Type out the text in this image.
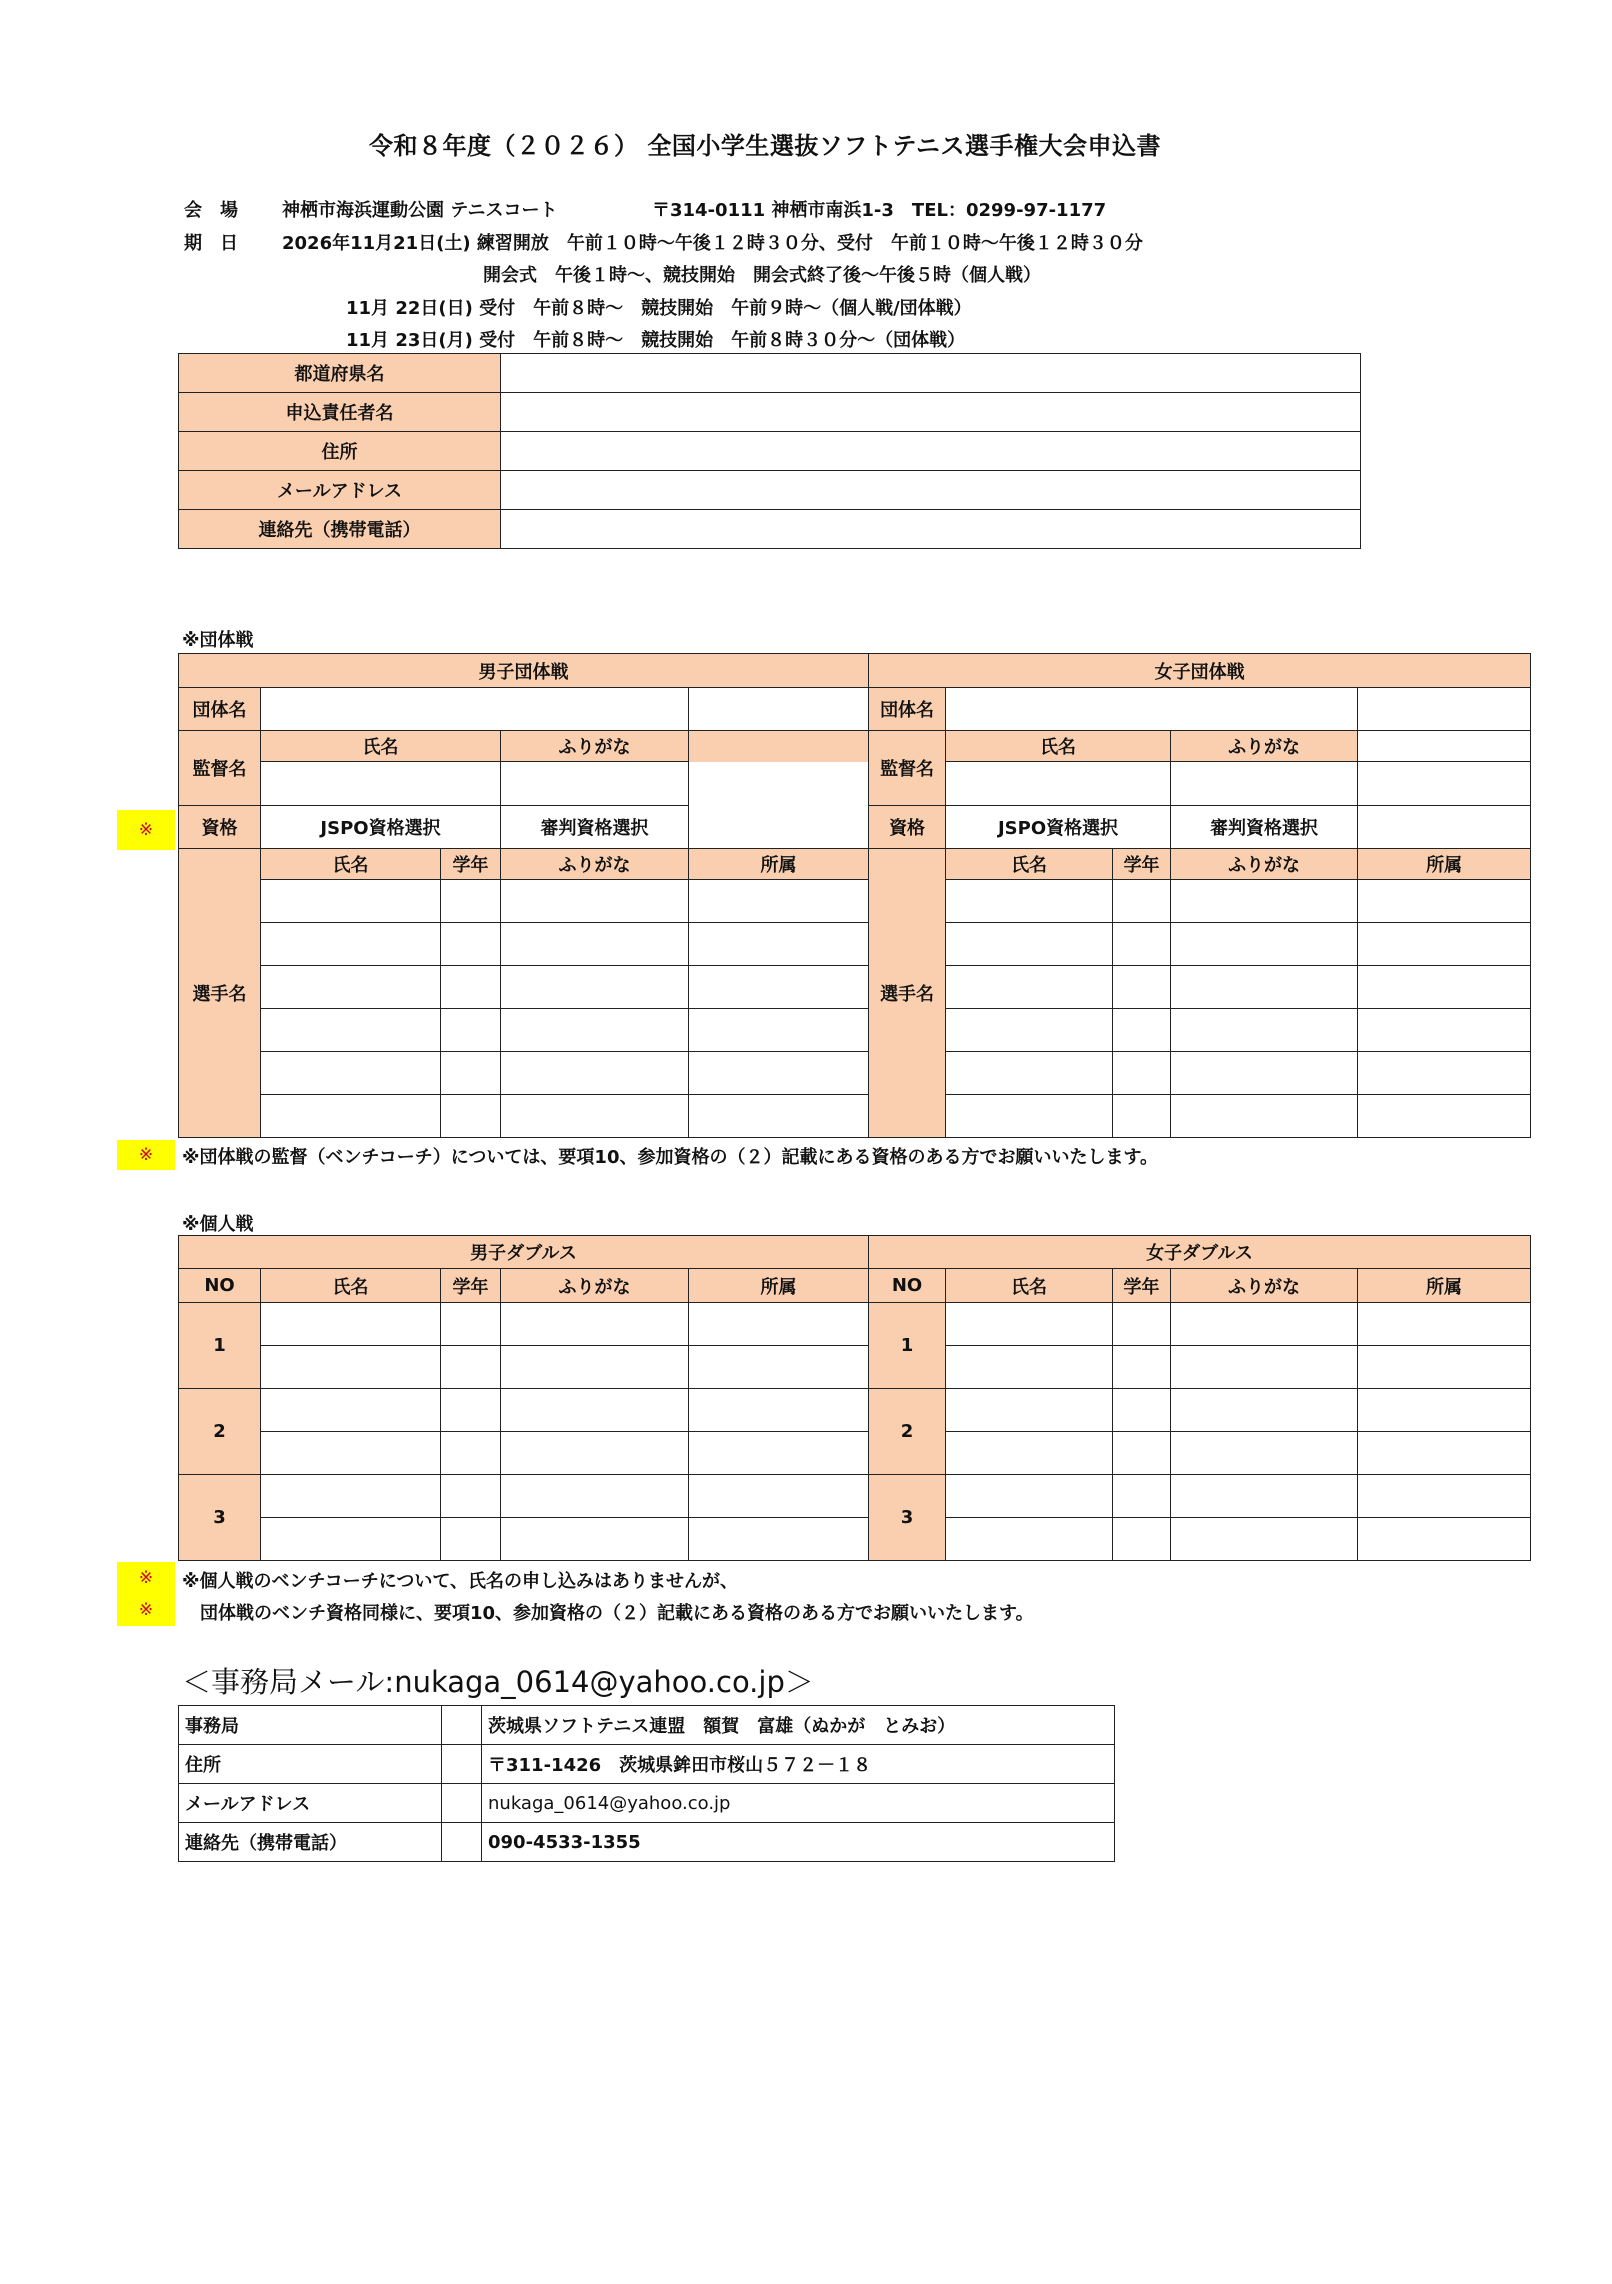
令和８年度（２０２６） 全国小学生選抜ソフトテニス選手権大会申込書
会　場 神栖市海浜運動公園 テニスコート	〒314-0111 神栖市南浜1-3　TEL：0299-97-1177
期　日 2026年11月21日(土) 練習開放　午前１０時～午後１２時３０分、受付　午前１０時～午後１２時３０分
開会式　午後１時～、競技開始　開会式終了後～午後５時（個人戦）
11月 22日(日) 受付　午前８時～　競技開始　午前９時～（個人戦/団体戦）
11月 23日(月) 受付　午前８時～　競技開始　午前８時３０分～（団体戦）
都道府県名	
申込責任者名	
住所	
メールアドレス	
連絡先（携帯電話）	
※団体戦
男子団体戦					女子団体戦				
団体名					団体名				
監督名	氏名		ふりがな		監督名	氏名		ふりがな	

資格	JSPO資格選択		審判資格選択		資格	JSPO資格選択		審判資格選択	
選手名	氏名	学年	ふりがな	所属	選手名	氏名	学年	ふりがな	所属

※
※	※団体戦の監督（ベンチコーチ）については、要項10、参加資格の（２）記載にある資格のある方でお願いいたします。
※個人戦
男子ダブルス					女子ダブルス				
NO	氏名	学年	ふりがな	所属	NO	氏名	学年	ふりがな	所属
1					1				

2					2				

3					3				

※
※
※個人戦のベンチコーチについて、氏名の申し込みはありませんが、
　団体戦のベンチ資格同様に、要項10、参加資格の（２）記載にある資格のある方でお願いいたします。
＜事務局メール:nukaga_0614@yahoo.co.jp＞
事務局		茨城県ソフトテニス連盟　額賀　富雄（ぬかが　とみお）
住所		〒311-1426　茨城県鉾田市桜山５７２－１８
メールアドレス		nukaga_0614@yahoo.co.jp
連絡先（携帯電話）		090-4533-1355
